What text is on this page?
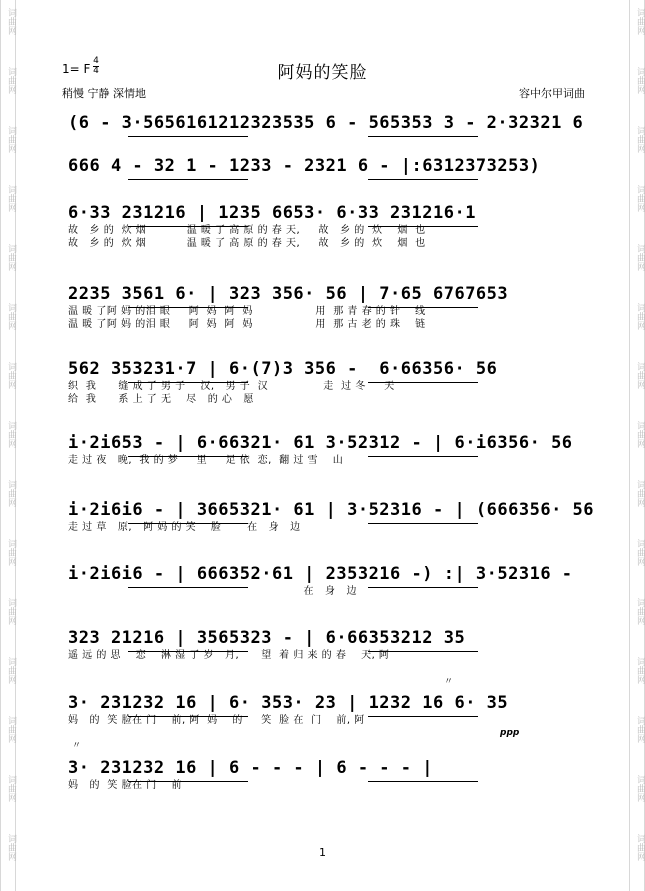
词曲网
词曲网
词曲网
词曲网
词曲网
词曲网
词曲网
词曲网
词曲网
词曲网
词曲网
词曲网
词曲网
词曲网
词曲网
词曲网
词曲网
词曲网
词曲网
词曲网
词曲网
词曲网
词曲网
词曲网
词曲网
词曲网
词曲网
词曲网
词曲网
词曲网
阿妈的笑脸
1= F
4
4
稍慢 宁静 深情地	容中尔甲词曲
(6 - 3·5656161212323535 6 - 565353 3 - 2·32321 6
666 4 - 32 1 - 1233 - 2321 6 - |:6312373253)
6·33 231216 | 1235 6653· 6·33 231216·1
故   乡 的  炊 烟           温 暖 了 高 原 的 春 天,     故   乡 的  炊    烟  也
故   乡 的  炊 烟           温 暖 了 高 原 的 春 天,     故   乡 的  炊    烟  也
2235 3561 6· | 323 356· 56 | 7·65 6767653
温 暖 了阿 妈 的泪 眼     阿  妈  阿  妈                 用  那 青 春 的 针    线
温 暖 了阿 妈 的泪 眼     阿  妈  阿  妈                 用  那 古 老 的 珠    链
562 353231·7 | 6·(7)3 356 -  6·66356· 56
织  我      缝 成 了 男 子    汉,   男 子  汉               走  过 冬     天
给  我      系 上 了 无    尽   的 心   愿
i·2i653 - | 6·66321· 61 3·52312 - | 6·i6356· 56
走 过 夜   晚,  我 的 梦     里     足 依  恋,  翻 过 雪    山
i·2i6i6 - | 3665321· 61 | 3·52316 - | (666356· 56
走 过 草   原,   阿 妈 的 笑    脸       在   身   边
i·2i6i6 - | 666352·61 | 2353216 -) :| 3·52316 -
在   身   边
323 21216 | 3565323 - | 6·66353212 35
遥 远 的 思    恋    淋 湿 了 岁   月,      望  着 归 来 的 春    天, 阿
3· 231232 16 | 6· 353· 23 | 1232 16 6· 35
妈   的  笑 脸在 门    前, 阿  妈    的     笑  脸 在  门    前, 阿
3· 231232 16 | 6 - - - | 6 - - - |
妈   的  笑 脸在 门    前
〃
〃
ppp
1
